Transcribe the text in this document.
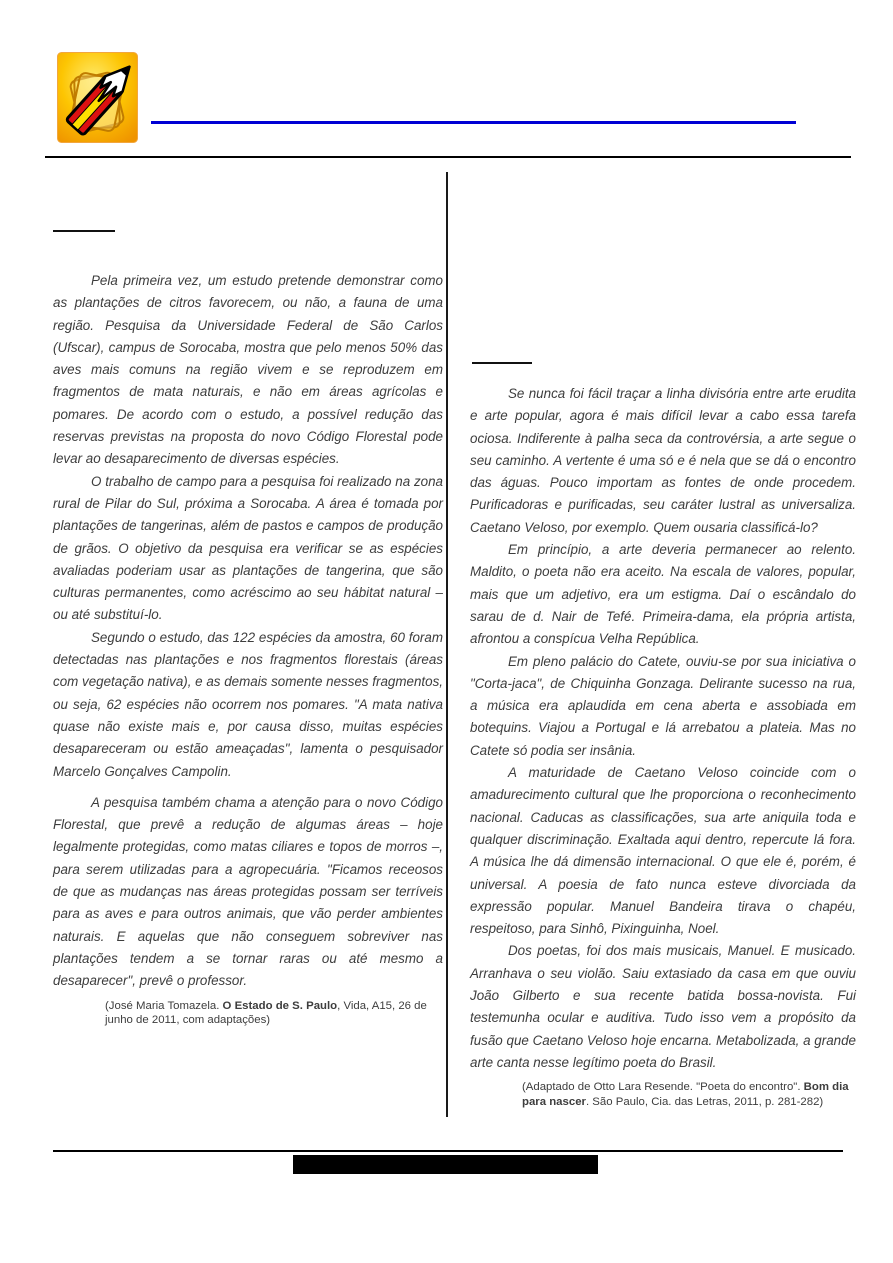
Pela primeira vez, um estudo pretende demonstrar como as plantações de citros favorecem, ou não, a fauna de uma região. Pesquisa da Universidade Federal de São Carlos (Ufscar), campus de Sorocaba, mostra que pelo menos 50% das aves mais comuns na região vivem e se reproduzem em fragmentos de mata naturais, e não em áreas agrícolas e pomares. De acordo com o estudo, a possível redução das reservas previstas na proposta do novo Código Florestal pode levar ao desaparecimento de diversas espécies.

O trabalho de campo para a pesquisa foi realizado na zona rural de Pilar do Sul, próxima a Sorocaba. A área é tomada por plantações de tangerinas, além de pastos e campos de produção de grãos. O objetivo da pesquisa era verificar se as espécies avaliadas poderiam usar as plantações de tangerina, que são culturas permanentes, como acréscimo ao seu hábitat natural – ou até substituí-lo.

Segundo o estudo, das 122 espécies da amostra, 60 foram detectadas nas plantações e nos fragmentos florestais (áreas com vegetação nativa), e as demais somente nesses fragmentos, ou seja, 62 espécies não ocorrem nos pomares. "A mata nativa quase não existe mais e, por causa disso, muitas espécies desapareceram ou estão ameaçadas", lamenta o pesquisador Marcelo Gonçalves Campolin.

A pesquisa também chama a atenção para o novo Código Florestal, que prevê a redução de algumas áreas – hoje legalmente protegidas, como matas ciliares e topos de morros –, para serem utilizadas para a agropecuária. "Ficamos receosos de que as mudanças nas áreas protegidas possam ser terríveis para as aves e para outros animais, que vão perder ambientes naturais. E aquelas que não conseguem sobreviver nas plantações tendem a se tornar raras ou até mesmo a desaparecer", prevê o professor.

(José Maria Tomazela. O Estado de S. Paulo, Vida, A15, 26 de junho de 2011, com adaptações)

Se nunca foi fácil traçar a linha divisória entre arte erudita e arte popular, agora é mais difícil levar a cabo essa tarefa ociosa. Indiferente à palha seca da controvérsia, a arte segue o seu caminho. A vertente é uma só e é nela que se dá o encontro das águas. Pouco importam as fontes de onde procedem. Purificadoras e purificadas, seu caráter lustral as universaliza. Caetano Veloso, por exemplo. Quem ousaria classificá-lo?

Em princípio, a arte deveria permanecer ao relento. Maldito, o poeta não era aceito. Na escala de valores, popular, mais que um adjetivo, era um estigma. Daí o escândalo do sarau de d. Nair de Tefé. Primeira-dama, ela própria artista, afrontou a conspícua Velha República.

Em pleno palácio do Catete, ouviu-se por sua iniciativa o "Corta-jaca", de Chiquinha Gonzaga. Delirante sucesso na rua, a música era aplaudida em cena aberta e assobiada em botequins. Viajou a Portugal e lá arrebatou a plateia. Mas no Catete só podia ser insânia.

A maturidade de Caetano Veloso coincide com o amadurecimento cultural que lhe proporciona o reconhecimento nacional. Caducas as classificações, sua arte aniquila toda e qualquer discriminação. Exaltada aqui dentro, repercute lá fora. A música lhe dá dimensão internacional. O que ele é, porém, é universal. A poesia de fato nunca esteve divorciada da expressão popular. Manuel Bandeira tirava o chapéu, respeitoso, para Sinhô, Pixinguinha, Noel.

Dos poetas, foi dos mais musicais, Manuel. E musicado. Arranhava o seu violão. Saiu extasiado da casa em que ouviu João Gilberto e sua recente batida bossa-novista. Fui testemunha ocular e auditiva. Tudo isso vem a propósito da fusão que Caetano Veloso hoje encarna. Metabolizada, a grande arte canta nesse legítimo poeta do Brasil.

(Adaptado de Otto Lara Resende. "Poeta do encontro". Bom dia para nascer. São Paulo, Cia. das Letras, 2011, p. 281-282)
